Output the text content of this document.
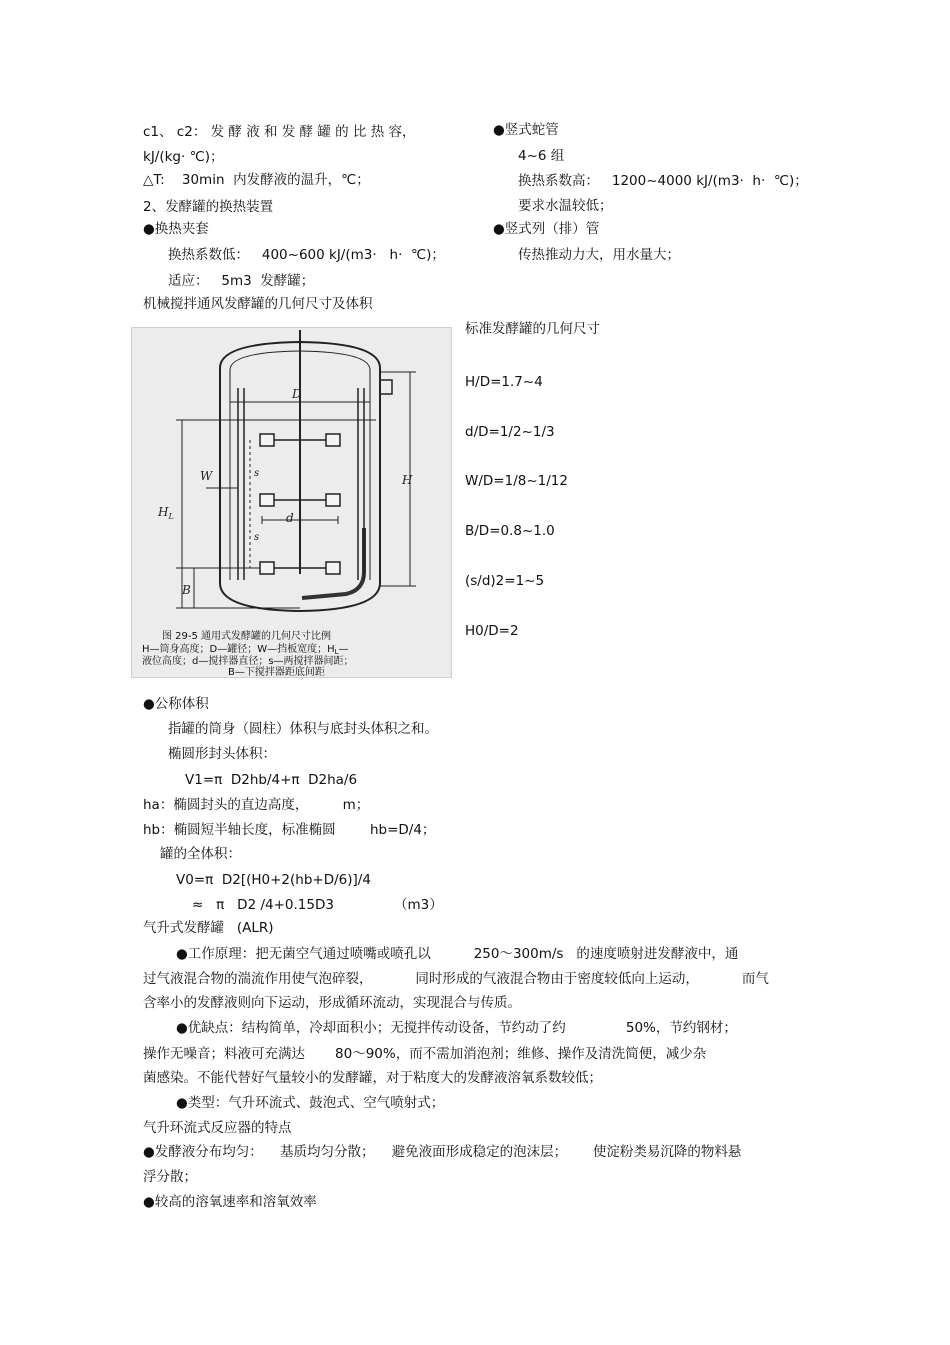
c1、 c2： 发 酵 液 和 发 酵 罐 的 比 热 容，
kJ/(kg· ℃)；
△T:    30min  内发酵液的温升，℃；
2、发酵罐的换热装置
●换热夹套
换热系数低：   400~600 kJ/(m3·   h·  ℃)；
适应：   5m3  发酵罐；
机械搅拌通风发酵罐的几何尺寸及体积
●竖式蛇管
4~6 组
换热系数高：   1200~4000 kJ/(m3·  h·  ℃)；
要求水温较低；
●竖式列（排）管
传热推动力大，用水量大；
D
W
d
H
$H_L$
B
s
s
图 29-5 通用式发酵罐的几何尺寸比例
H—筒身高度；D—罐径；W—挡板宽度；$H_L—$
液位高度；d—搅拌器直径；s—两搅拌器间距；
B—下搅拌器距底间距
标准发酵罐的几何尺寸
H/D=1.7~4
d/D=1/2~1/3
W/D=1/8~1/12
B/D=0.8~1.0
(s/d)2=1~5
H0/D=2
●公称体积
指罐的筒身（圆柱）体积与底封头体积之和。
椭圆形封头体积：
V1=π  D2hb/4+π  D2ha/6
ha：椭圆封头的直边高度，        m；
hb：椭圆短半轴长度，标准椭圆        hb=D/4；
罐的全体积：
V0=π  D2[(H0+2(hb+D/6)]/4
≈   π   D2 /4+0.15D3              （m3）
气升式发酵罐   (ALR)
●工作原理：把无菌空气通过喷嘴或喷孔以          250～300m/s   的速度喷射进发酵液中，通
过气液混合物的湍流作用使气泡碎裂，          同时形成的气液混合物由于密度较低向上运动，          而气
含率小的发酵液则向下运动，形成循环流动，实现混合与传质。
●优缺点：结构简单，冷却面积小；无搅拌传动设备，节约动了约              50%，节约钢材；
操作无噪音；料液可充满达       80～90%，而不需加消泡剂；维修、操作及清洗简便，减少杂
菌感染。不能代替好气量较小的发酵罐，对于粘度大的发酵液溶氧系数较低；
●类型：气升环流式、鼓泡式、空气喷射式；
气升环流式反应器的特点
●发酵液分布均匀：    基质均匀分散；    避免液面形成稳定的泡沫层；      使淀粉类易沉降的物料悬
浮分散；
●较高的溶氧速率和溶氧效率
